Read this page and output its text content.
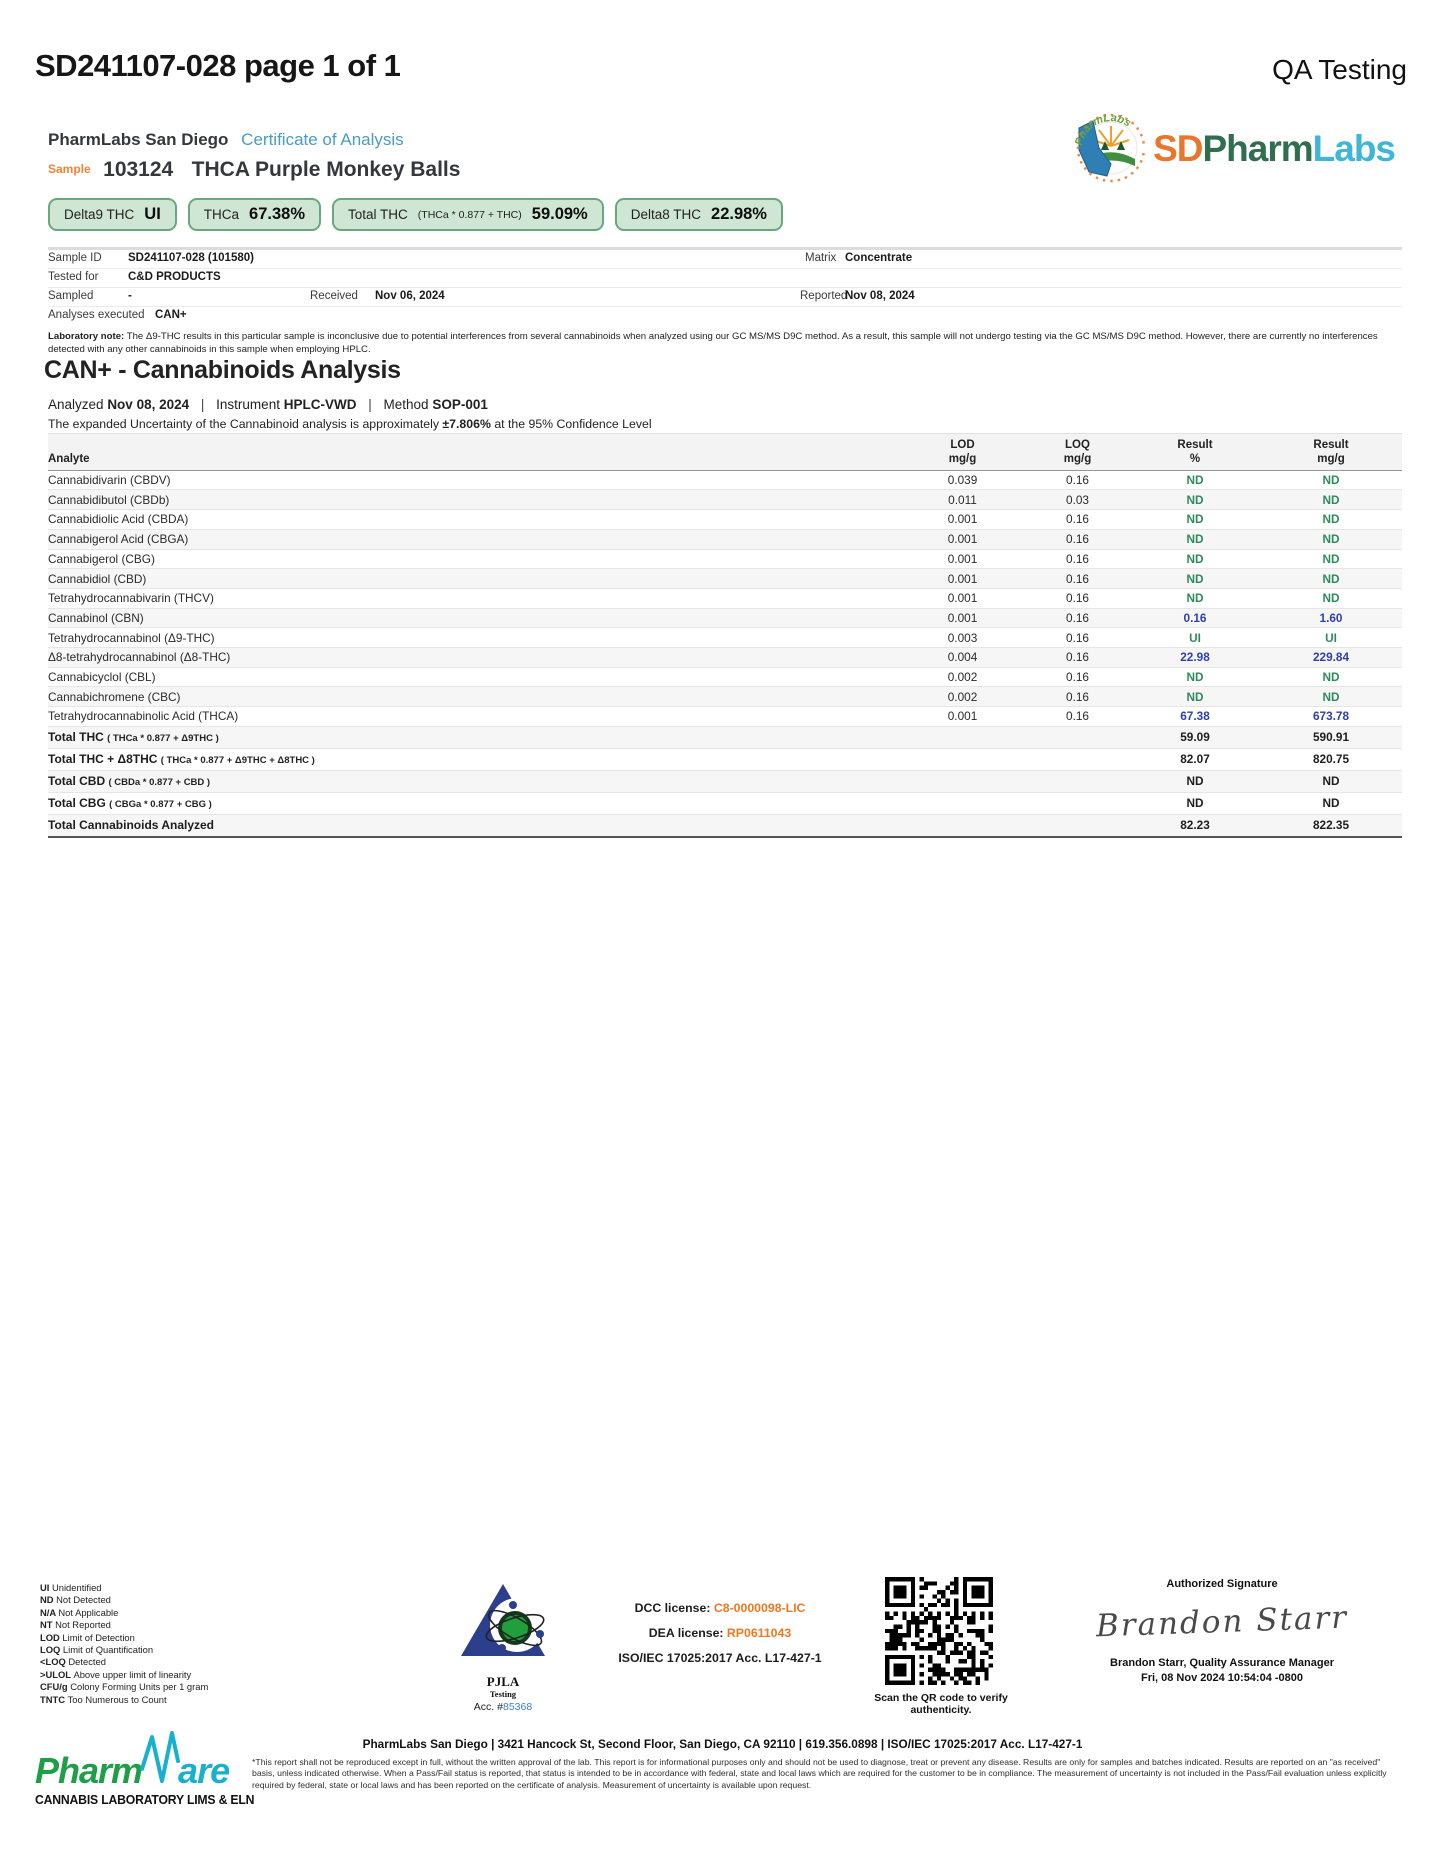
SD241107-028 page 1 of 1	QA Testing
PharmLabs
SDPharmLabs
PharmLabs San Diego Certificate of Analysis
Sample 103124 THCA Purple Monkey Balls
Delta9 THC UI	THCa 67.38%	Total THC (THCa * 0.877 + THC) 59.09%	Delta8 THC 22.98%
Sample ID SD241107-028 (101580)	Matrix Concentrate
Tested for	C&D PRODUCTS
Sampled	-	Received Nov 06, 2024	Reported
Nov 08, 2024
Analyses executed CAN+
Laboratory note: The Δ9-THC results in this particular sample is inconclusive due to potential interferences from several cannabinoids when analyzed using our GC MS/MS D9C method. As a result, this sample will not undergo testing via the GC MS/MS D9C method. However, there are currently no interferences detected with any other cannabinoids in this sample when employing HPLC.
CAN+ - Cannabinoids Analysis
Analyzed Nov 08, 2024 | Instrument HPLC-VWD | Method SOP-001
The expanded Uncertainty of the Cannabinoid analysis is approximately ±7.806% at the 95% Confidence Level
Analyte
LOD
mg/g
LOQ
mg/g
Result
%
Result
mg/g
Cannabidivarin (CBDV)	0.039	0.16	ND	ND
Cannabidibutol (CBDb)	0.011	0.03	ND	ND
Cannabidiolic Acid (CBDA)	0.001	0.16	ND	ND
Cannabigerol Acid (CBGA)	0.001	0.16	ND	ND
Cannabigerol (CBG)	0.001	0.16	ND	ND
Cannabidiol (CBD)	0.001	0.16	ND	ND
Tetrahydrocannabivarin (THCV)	0.001	0.16	ND	ND
Cannabinol (CBN)	0.001	0.16	0.16	1.60
Tetrahydrocannabinol (Δ9-THC)	0.003	0.16	UI	UI
Δ8-tetrahydrocannabinol (Δ8-THC)	0.004	0.16	22.98	229.84
Cannabicyclol (CBL)	0.002	0.16	ND	ND
Cannabichromene (CBC)	0.002	0.16	ND	ND
Tetrahydrocannabinolic Acid (THCA)	0.001	0.16	67.38	673.78
Total THC ( THCa * 0.877 + Δ9THC )	59.09	590.91
Total THC + Δ8THC ( THCa * 0.877 + Δ9THC + Δ8THC )	82.07	820.75
Total CBD ( CBDa * 0.877 + CBD )	ND	ND
Total CBG ( CBGa * 0.877 + CBG )	ND	ND
Total Cannabinoids Analyzed	82.23	822.35
UI Unidentified
ND Not Detected
N/A Not Applicable
NT Not Reported
LOD Limit of Detection
LOQ Limit of Quantification
<LOQ Detected
>ULOL Above upper limit of linearity
CFU/g Colony Forming Units per 1 gram
TNTC Too Numerous to Count
PJLA
Testing
Acc. #85368
DCC license: C8-0000098-LIC
DEA license: RP0611043
ISO/IEC 17025:2017 Acc. L17-427-1
Scan the QR code to verify authenticity.
Authorized Signature
Brandon Starr
Brandon Starr, Quality Assurance Manager
Fri, 08 Nov 2024 10:54:04 -0800
PharmLabs San Diego | 3421 Hancock St, Second Floor, San Diego, CA 92110 | 619.356.0898 | ISO/IEC 17025:2017 Acc. L17-427-1
*This report shall not be reproduced except in full, without the written approval of the lab. This report is for informational purposes only and should not be used to diagnose, treat or prevent any disease. Results are only for samples and batches indicated. Results are reported on an "as received" basis, unless indicated otherwise. When a Pass/Fail status is reported, that status is intended to be in accordance with federal, state and local laws which are required for the customer to be in compliance. The measurement of uncertainty is not included in the Pass/Fail evaluation unless explicitly required by federal, state or local laws and has been reported on the certificate of analysis. Measurement of uncertainty is available upon request.
Pharm are
CANNABIS LABORATORY LIMS & ELN
